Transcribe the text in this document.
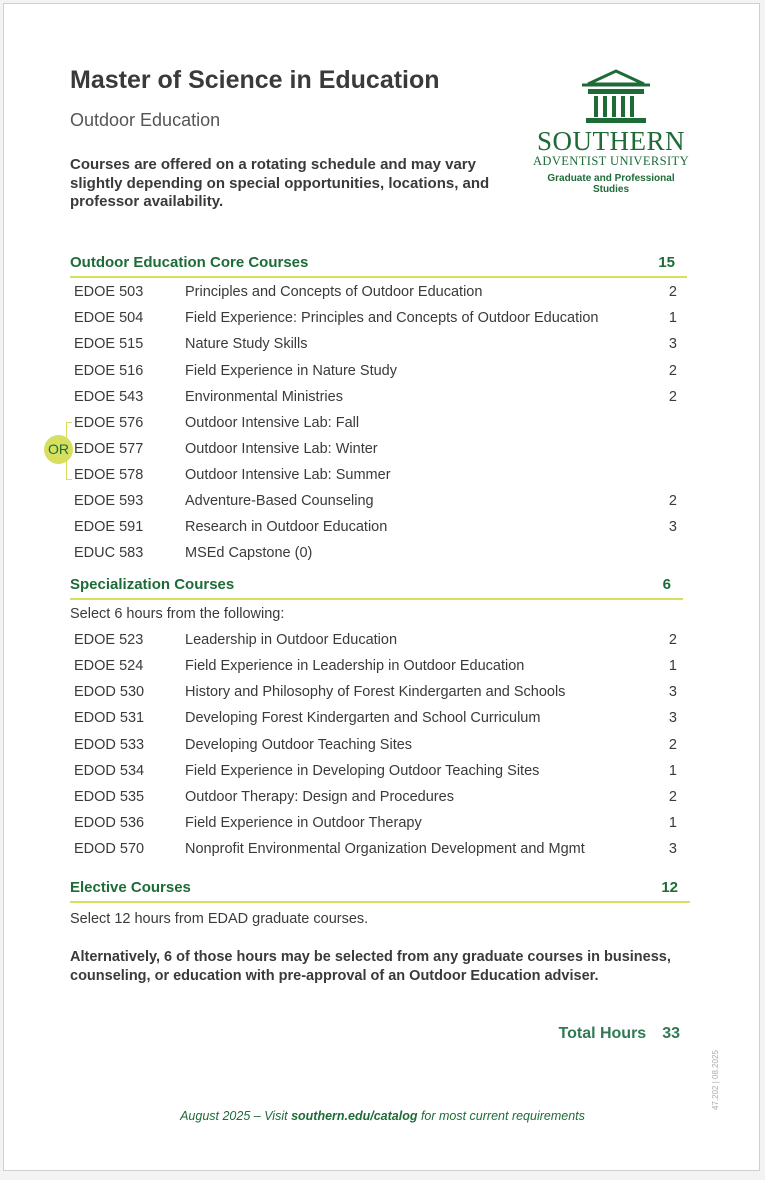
Master of Science in Education
Outdoor Education
Courses are offered on a rotating schedule and may vary slightly depending on special opportunities, locations, and professor availability.
SOUTHERN
ADVENTIST UNIVERSITY
Graduate and Professional Studies
Outdoor Education Core Courses	15
EDOE 503	Principles and Concepts of Outdoor Education	2
EDOE 504	Field Experience: Principles and Concepts of Outdoor Education	1
EDOE 515	Nature Study Skills	3
EDOE 516	Field Experience in Nature Study	2
EDOE 543	Environmental Ministries	2
EDOE 576	Outdoor Intensive Lab: Fall
EDOE 577	Outdoor Intensive Lab: Winter
EDOE 578	Outdoor Intensive Lab: Summer
EDOE 593	Adventure-Based Counseling	2
EDOE 591	Research in Outdoor Education	3
EDUC 583	MSEd Capstone (0)
OR
Specialization Courses	6
Select 6 hours from the following:
EDOE 523	Leadership in Outdoor Education	2
EDOE 524	Field Experience in Leadership in Outdoor Education	1
EDOD 530	History and Philosophy of Forest Kindergarten and Schools	3
EDOD 531	Developing Forest Kindergarten and School Curriculum	3
EDOD 533	Developing Outdoor Teaching Sites	2
EDOD 534	Field Experience in Developing Outdoor Teaching Sites	1
EDOD 535	Outdoor Therapy: Design and Procedures	2
EDOD 536	Field Experience in Outdoor Therapy	1
EDOD 570	Nonprofit Environmental Organization Development and Mgmt	3
Elective Courses	12
Select 12 hours from EDAD graduate courses.
Alternatively, 6 of those hours may be selected from any graduate courses in business, counseling, or education with pre-approval of an Outdoor Education adviser.
Total Hours 33
August 2025 – Visit southern.edu/catalog for most current requirements
47.202 | 08.2025
